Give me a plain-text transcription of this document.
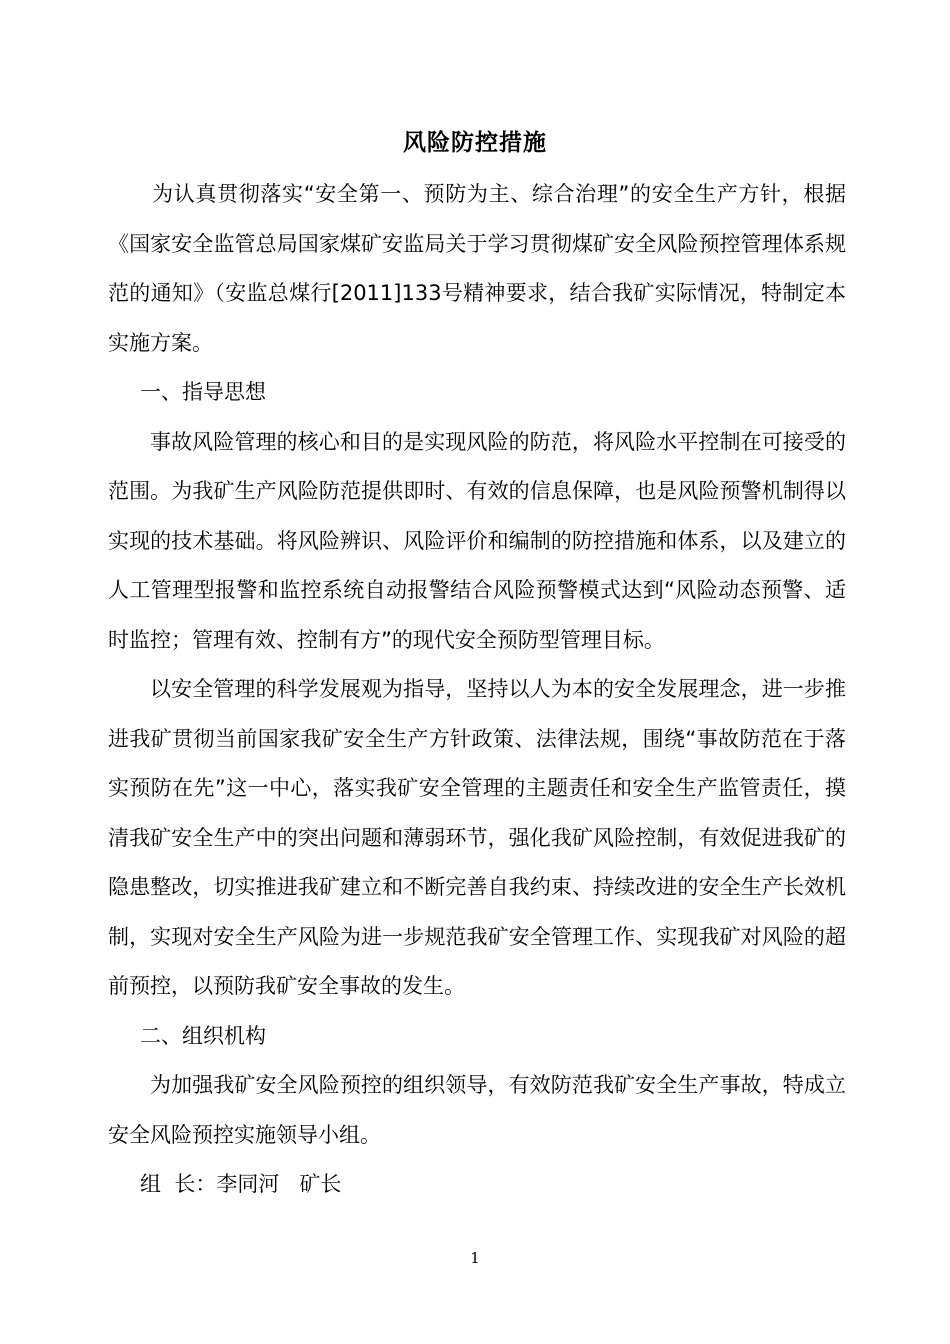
风险防控措施

为认真贯彻落实“安全第一、预防为主、综合治理”的安全生产方针，根据《国家安全监管总局国家煤矿安监局关于学习贯彻煤矿安全风险预控管理体系规范的通知》（安监总煤行[2011]133号精神要求，结合我矿实际情况，特制定本实施方案。

一、指导思想

事故风险管理的核心和目的是实现风险的防范，将风险水平控制在可接受的范围。为我矿生产风险防范提供即时、有效的信息保障，也是风险预警机制得以实现的技术基础。将风险辨识、风险评价和编制的防控措施和体系，以及建立的人工管理型报警和监控系统自动报警结合风险预警模式达到“风险动态预警、适时监控；管理有效、控制有方”的现代安全预防型管理目标。

以安全管理的科学发展观为指导，坚持以人为本的安全发展理念，进一步推进我矿贯彻当前国家我矿安全生产方针政策、法律法规，围绕“事故防范在于落实预防在先”这一中心，落实我矿安全管理的主题责任和安全生产监管责任，摸清我矿安全生产中的突出问题和薄弱环节，强化我矿风险控制，有效促进我矿的隐患整改，切实推进我矿建立和不断完善自我约束、持续改进的安全生产长效机制，实现对安全生产风险为进一步规范我矿安全管理工作、实现我矿对风险的超前预控，以预防我矿安全事故的发生。

二、组织机构

为加强我矿安全风险预控的组织领导，有效防范我矿安全生产事故，特成立安全风险预控实施领导小组。

组  长：李同河   矿长

1
